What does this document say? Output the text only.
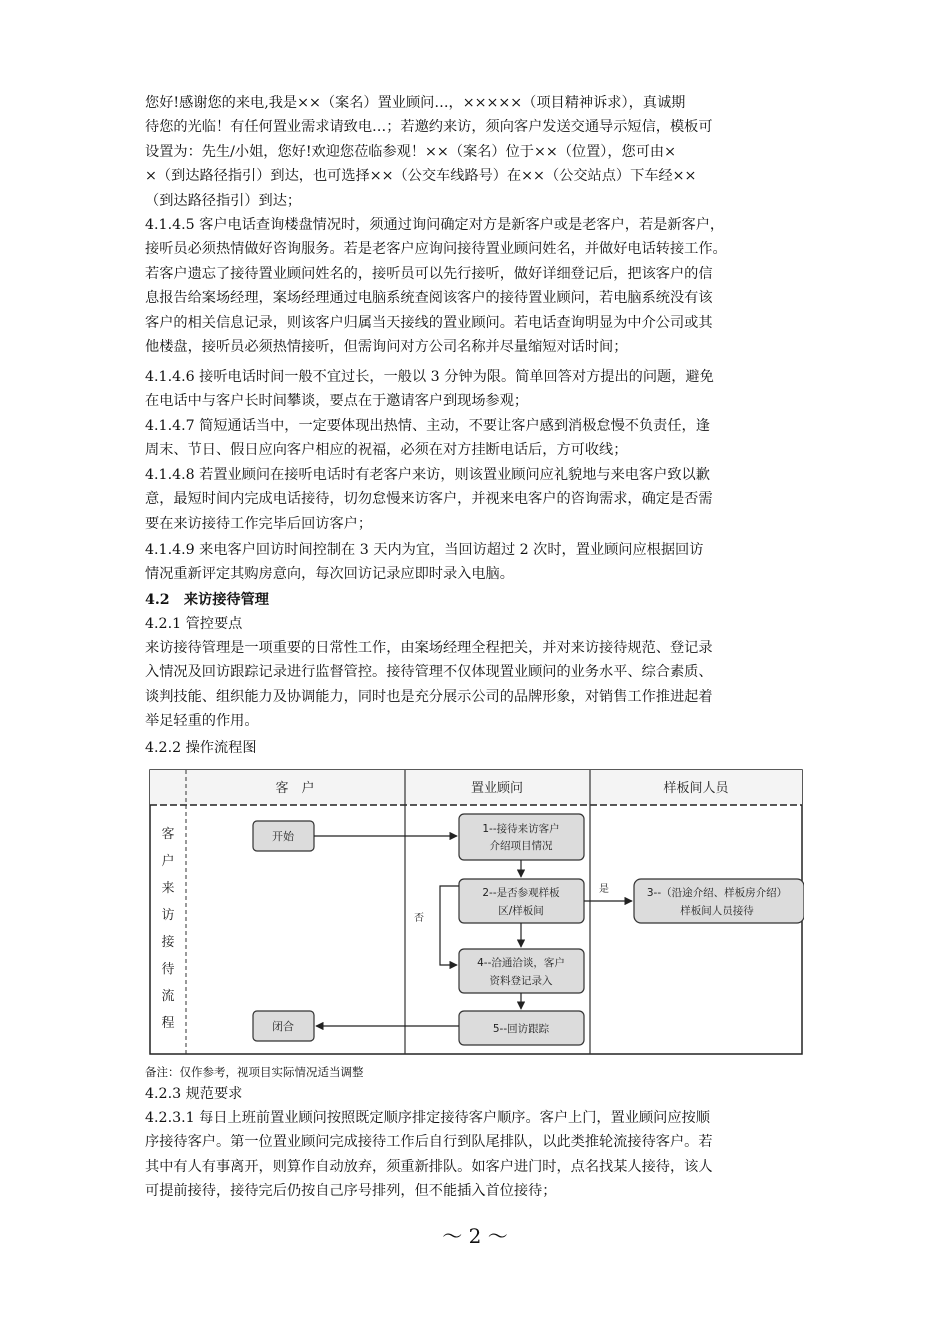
您好!感谢您的来电,我是××（案名）置业顾问…，×××××（项目精神诉求），真诚期
待您的光临！有任何置业需求请致电…；若邀约来访，须向客户发送交通导示短信，模板可
设置为：先生/小姐，您好!欢迎您莅临参观！××（案名）位于××（位置），您可由×
×（到达路径指引）到达，也可选择××（公交车线路号）在××（公交站点）下车经××
（到达路径指引）到达；
4.1.4.5 客户电话查询楼盘情况时，须通过询问确定对方是新客户或是老客户，若是新客户，
接听员必须热情做好咨询服务。若是老客户应询问接待置业顾问姓名，并做好电话转接工作。
若客户遗忘了接待置业顾问姓名的，接听员可以先行接听，做好详细登记后，把该客户的信
息报告给案场经理，案场经理通过电脑系统查阅该客户的接待置业顾问，若电脑系统没有该
客户的相关信息记录，则该客户归属当天接线的置业顾问。若电话查询明显为中介公司或其
他楼盘，接听员必须热情接听，但需询问对方公司名称并尽量缩短对话时间；
4.1.4.6 接听电话时间一般不宜过长，一般以 3 分钟为限。简单回答对方提出的问题，避免
在电话中与客户长时间攀谈，要点在于邀请客户到现场参观；
4.1.4.7 简短通话当中，一定要体现出热情、主动，不要让客户感到消极怠慢不负责任，逢
周末、节日、假日应向客户相应的祝福，必须在对方挂断电话后，方可收线；
4.1.4.8 若置业顾问在接听电话时有老客户来访，则该置业顾问应礼貌地与来电客户致以歉
意，最短时间内完成电话接待，切勿怠慢来访客户，并视来电客户的咨询需求，确定是否需
要在来访接待工作完毕后回访客户；
4.1.4.9 来电客户回访时间控制在 3 天内为宜，当回访超过 2 次时，置业顾问应根据回访
情况重新评定其购房意向，每次回访记录应即时录入电脑。
4.2　来访接待管理
4.2.1 管控要点
来访接待管理是一项重要的日常性工作，由案场经理全程把关，并对来访接待规范、登记录
入情况及回访跟踪记录进行监督管控。接待管理不仅体现置业顾问的业务水平、综合素质、
谈判技能、组织能力及协调能力，同时也是充分展示公司的品牌形象，对销售工作推进起着
举足轻重的作用。
4.2.2 操作流程图
客　户	置业顾问	样板间人员
客
户
来
访
接
待
流
程
开始
1--接待来访客户
介绍项目情况
2--是否参观样板
区/样板间
3--（沿途介绍、样板房介绍）
样板间人员接待
4--洽通洽谈，客户
资料登记录入
5--回访跟踪
闭合
是
否
备注：仅作参考，视项目实际情况适当调整
4.2.3 规范要求
4.2.3.1 每日上班前置业顾问按照既定顺序排定接待客户顺序。客户上门，置业顾问应按顺
序接待客户。第一位置业顾问完成接待工作后自行到队尾排队，以此类推轮流接待客户。若
其中有人有事离开，则算作自动放弃，须重新排队。如客户进门时，点名找某人接待，该人
可提前接待，接待完后仍按自己序号排列，但不能插入首位接待；
～ 2 ～
